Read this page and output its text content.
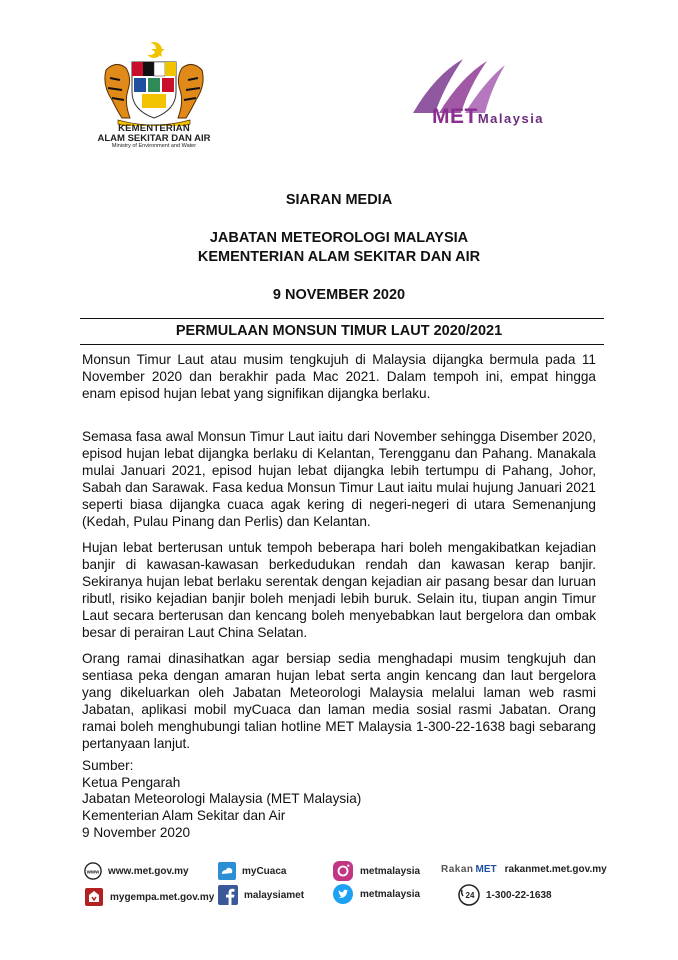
KEMENTERIAN
ALAM SEKITAR DAN AIR
Ministry of Environment and Water
METMalaysia
SIARAN MEDIA
JABATAN METEOROLOGI MALAYSIA
KEMENTERIAN ALAM SEKITAR DAN AIR
9 NOVEMBER 2020
PERMULAAN MONSUN TIMUR LAUT 2020/2021
Monsun Timur Laut atau musim tengkujuh di Malaysia dijangka bermula pada 11 November 2020 dan berakhir pada Mac 2021. Dalam tempoh ini, empat hingga enam episod hujan lebat yang signifikan dijangka berlaku.
Semasa fasa awal Monsun Timur Laut iaitu dari November sehingga Disember 2020, episod hujan lebat dijangka berlaku di Kelantan, Terengganu dan Pahang. Manakala mulai Januari 2021, episod hujan lebat dijangka lebih tertumpu di Pahang, Johor, Sabah dan Sarawak. Fasa kedua Monsun Timur Laut iaitu mulai hujung Januari 2021 seperti biasa dijangka cuaca agak kering di negeri-negeri di utara Semenanjung (Kedah, Pulau Pinang dan Perlis) dan Kelantan.
Hujan lebat berterusan untuk tempoh beberapa hari boleh mengakibatkan kejadian banjir di kawasan-kawasan berkedudukan rendah dan kawasan kerap banjir. Sekiranya hujan lebat berlaku serentak dengan kejadian air pasang besar dan luruan ributl, risiko kejadian banjir boleh menjadi lebih buruk. Selain itu, tiupan angin Timur Laut secara berterusan dan kencang boleh menyebabkan laut bergelora dan ombak besar di perairan Laut China Selatan.
Orang ramai dinasihatkan agar bersiap sedia menghadapi musim tengkujuh dan sentiasa peka dengan amaran hujan lebat serta angin kencang dan laut bergelora yang dikeluarkan oleh Jabatan Meteorologi Malaysia melalui laman web rasmi Jabatan, aplikasi mobil myCuaca dan laman media sosial rasmi Jabatan. Orang ramai boleh menghubungi talian hotline MET Malaysia 1-300-22-1638 bagi sebarang pertanyaan lanjut.
Sumber:
Ketua Pengarah
Jabatan Meteorologi Malaysia (MET Malaysia)
Kementerian Alam Sekitar dan Air
9 November 2020
www www.met.gov.my	myCuaca	metmalaysia Rakan MET rakanmet.met.gov.my
mygempa.met.gov.my	malaysiamet	metmalaysia	24 1-300-22-1638
